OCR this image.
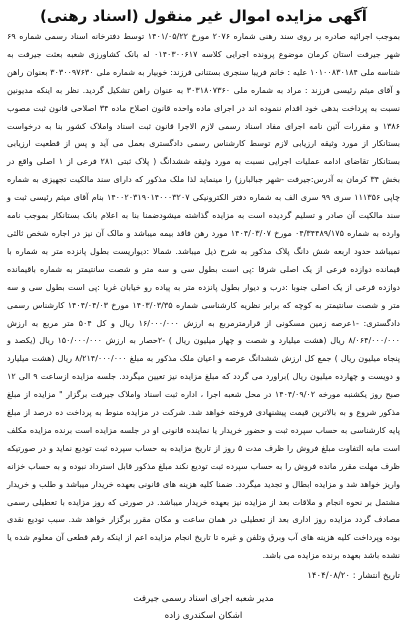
آگهی مزایده اموال غیر منقول (اسناد رهنی)

بموجب اجرائیه صادره بر روی سند رهنی شماره ۲۰۷۶ مورخ ۱۴۰۱/۰۵/۲۲ توسط دفترخانه اسناد رسمی شماره ۶۹ شهر جیرفت استان کرمان موضوع پرونده اجرایی کلاسه ۰۱۴۰۳۰۰۶۱۷ له بانک کشاورزی شعبه بعثت جیرفت به شناسه ملی ۱۰۱۰۰۸۳۰۱۸۴ علیه : خانم فریبا سنجری بستنانی فرزند: خوبیار به شماره ملی ۳۰۳۰۰۹۷۶۳۰ بعنوان راهن و آقای میثم رئیسی فرزند : مراد به شماره ملی ۳۰۳۱۸۰۷۳۶۰ به عنوان راهن تشکیل گردید. نظر به اینکه مدیونین نسبت به پرداخت بدهی خود اقدام ننموده اند در اجرای ماده واحده قانون اصلاح ماده ۳۴ اصلاحی قانون ثبت مصوب ۱۳۸۶ و مقررات آئین نامه اجرای مفاد اسناد رسمی لازم الاجرا قانون ثبت اسناد واملاک کشور بنا به درخواست بستانکار از مورد وثیقه ارزیابی لازم توسط کارشناس رسمی دادگستری بعمل می آید و پس از قطعیت ارزیابی بستانکار تقاضای ادامه عملیات اجرایی نسبت به مورد وثیقه ششدانگ ( پلاک ثبتی ۲۸۱ فرعی از ۱ اصلی واقع در بخش ۳۴ کرمان به آدرس:جیرفت -شهر جبالبارز) را مینماید لذا ملک مذکور که دارای سند مالکیت تجهیزی به شماره چاپی ۱۱۱۳۵۶ سری ۹۹ سری الف به شماره دفتر الکترونیکی ۱۴۰۰۲۰۳۱۹۰۱۴۰۰۰۳۲۰۷ بنام آقای میثم رئیسی ثبت و سند مالکیت آن صادر و تسلیم گردیده است به مزایده گذاشته میشودضمنا بنا به اعلام بانک بستانکار بموجب نامه وارده به شماره ۰۴/۳۴۴۸۹/۱۷۵ مورخ ۱۴۰۴/۰۳/۰۷ مورد رهن فاقد بیمه میباشد و مالک آن نیز در اجاره شخص ثالثی نمیباشد حدود اربعه شش دانگ پلاک مذکور به شرح ذیل میباشد. شمالا :دیواریست بطول پانزده متر به شماره با قیمانده دوازده فرعی از یک اصلی شرقا :پی است بطول سی و سه متر و شصت سانتیمتر به شماره باقیمانده دوازده فرعی از یک اصلی جنوبا :درب و دیوار بطول پانزده متر به پیاده رو خیابان غربا :پی است بطول سی و سه متر و شصت سانتیمتر به کوچه که برابر نظریه کارشناسی شماره ۱۴۰۳/۰۳/۳۵ مورخ ۱۴۰۴/۰۴/۰۳ کارشناس رسمی دادگستری: -۱عرصه زمین مسکونی از قرارمترمربع به ارزش ۱۶/۰۰۰/۰۰۰ ریال و کل ۵۰۴ متر مربع به ارزش ۸/۰۶۴/۰۰۰/۰۰۰ ریال (هشت میلیارد و شصت و چهار میلیون ریال ) -۲حصار به ارزش ۱۵۰/۰۰۰/۰۰۰ ریال (یکصد و پنجاه میلیون ریال ) جمع کل ارزش ششدانگ عرصه و اعیان ملک مذکور به مبلغ ۸/۲۱۴/۰۰۰/۰۰۰ ریال (هشت میلیارد و دویست و چهارده میلیون ریال )براورد می گردد که مبلغ مزایده نیز تعیین میگردد. جلسه مزایده ازساعت ۹ الی ۱۲ صبح روز یکشنبه مورخه ۱۴۰۴/۰۹/۰۲ در محل شعبه اجرا ، اداره ثبت اسناد واملاک جیرفت برگزار " مزایده از مبلغ مذکور شروع و به بالاترین قیمت پیشنهادی فروخته خواهد شد. شرکت در مزایده منوط به پرداخت ده درصد از مبلغ پایه کارشناسی به حساب سپرده ثبت و حضور خریدار یا نماینده قانونی او در جلسه مزایده است برنده مزایده مکلف است مابه التفاوت مبلغ فروش را ظرف مدت ۵ روز از تاریخ مزایده به حساب سپرده ثبت تودیع نماید و در صورتیکه ظرف مهلت مقرر مانده فروش را به حساب سپرده ثبت تودیع نکند مبلغ مذکور قابل استرداد نبوده و به حساب خزانه واریز خواهد شد و مزایده ابطال و تجدید میگردد. ضمنا کلیه هزینه های قانونی بعهده خریدار میباشد و طلب و خریدار مشتمل بر نحوه انجام و ملاقات بعد از مزایده نیز بعهده خریدار میباشد. در صورتی که روز مزایده با تعطیلی رسمی مصادف گردد مزایده روز اداری بعد از تعطیلی در همان ساعت و مکان مقرر برگزار خواهد شد. سبب تودیع نقدی بوده وپرداخت کلیه هزینه های آب وبرق وتلفن و غیره تا تاریخ انجام مزایده اعم از اینکه رقم قطعی آن معلوم شده یا نشده باشد بعهده برنده مزایده می باشد.

تاریخ انتشار : ۱۴۰۴/۰۸/۲۰
مدیر شعبه اجرای اسناد رسمی جیرفت
اشکان اسکندری زاده
